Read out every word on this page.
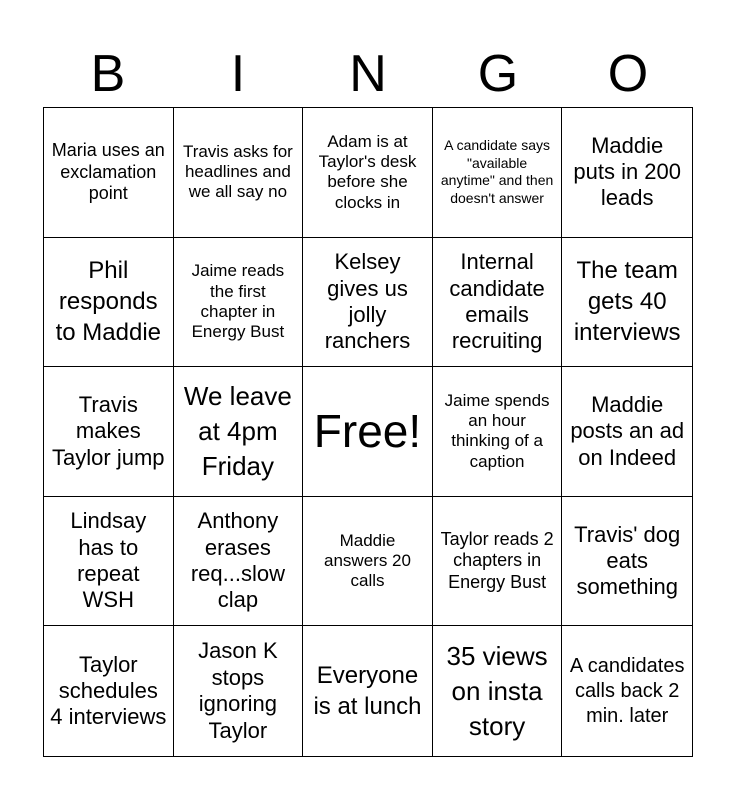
B	I	N	G	O
Maria uses an exclamation point
Travis asks for headlines and we all say no
Adam is at Taylor's desk before she clocks in
A candidate says "available anytime" and then doesn't answer
Maddie puts in 200 leads
Phil responds to Maddie
Jaime reads the first chapter in Energy Bust
Kelsey gives us jolly ranchers
Internal candidate emails recruiting
The team gets 40 interviews
Travis makes Taylor jump
We leave at 4pm Friday
Free!
Jaime spends an hour thinking of a caption
Maddie posts an ad on Indeed
Lindsay has to repeat WSH
Anthony erases req...slow clap
Maddie answers 20 calls
Taylor reads 2 chapters in Energy Bust
Travis' dog eats something
Taylor schedules 4 interviews
Jason K stops ignoring Taylor
Everyone is at lunch
35 views on insta story
A candidates calls back 2 min. later
